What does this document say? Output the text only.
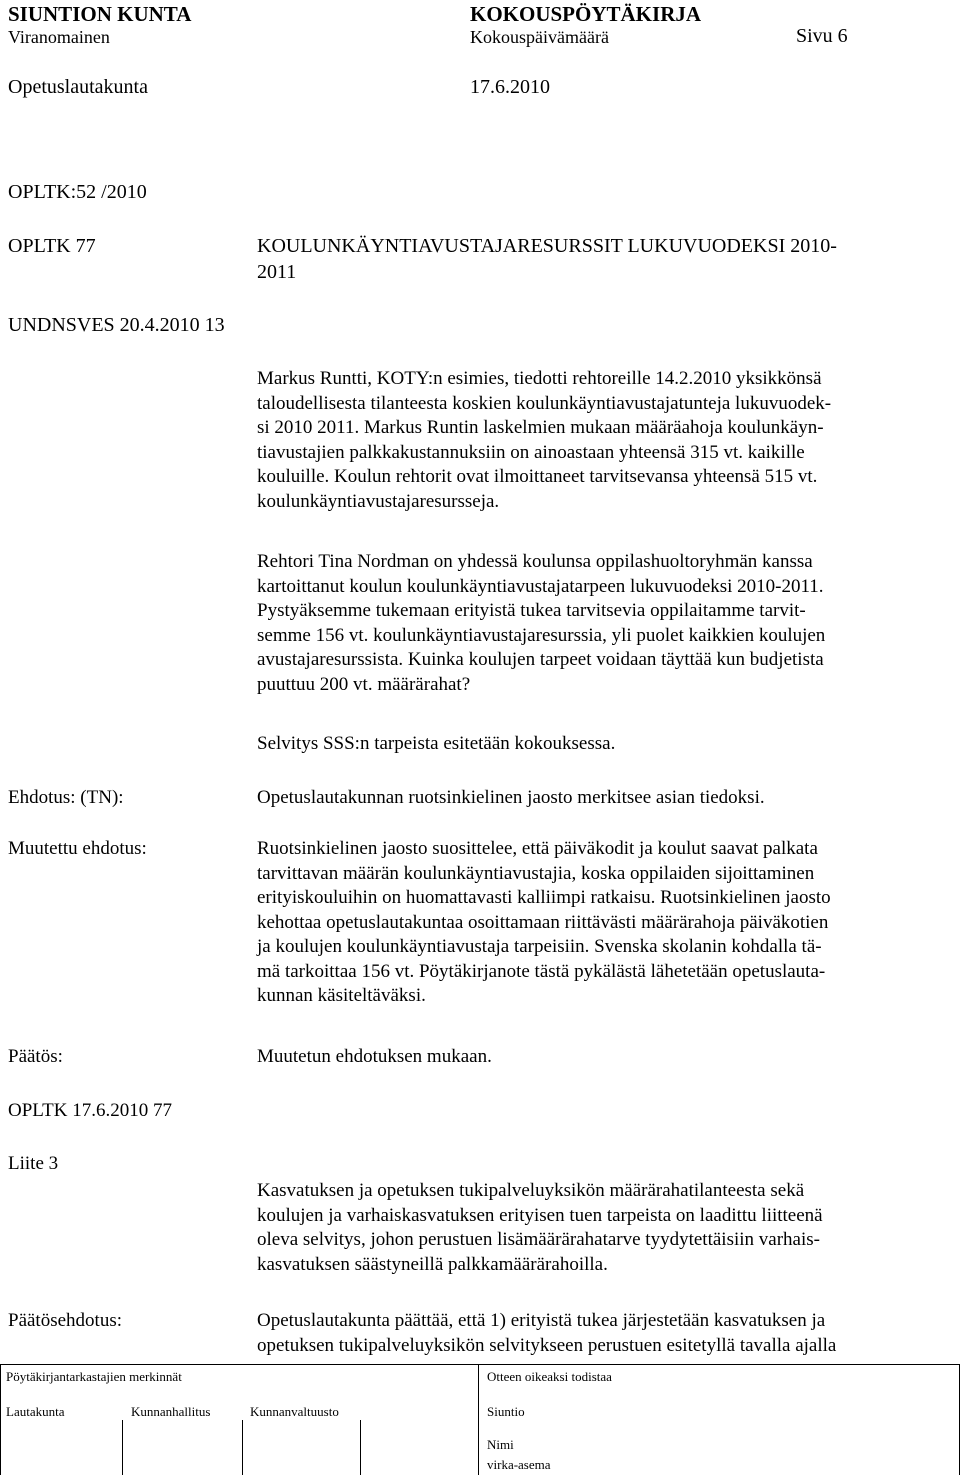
SIUNTION KUNTA	KOKOUSPÖYTÄKIRJA
Viranomainen	Kokouspäivämäärä	Sivu 6
Opetuslautakunta	17.6.2010
OPLTK:52 /2010
OPLTK 77	KOULUNKÄYNTIAVUSTAJARESURSSIT LUKUVUODEKSI 2010-
2011
UNDNSVES 20.4.2010 13
Markus Runtti, KOTY:n esimies, tiedotti rehtoreille 14.2.2010 yksikkönsä
taloudellisesta tilanteesta koskien koulunkäyntiavustajatunteja lukuvuodek-
si 2010 2011. Markus Runtin laskelmien mukaan määräahoja koulunkäyn-
tiavustajien palkkakustannuksiin on ainoastaan yhteensä 315 vt. kaikille
kouluille. Koulun rehtorit ovat ilmoittaneet tarvitsevansa yhteensä 515 vt.
koulunkäyntiavustajaresursseja.
Rehtori Tina Nordman on yhdessä koulunsa oppilashuoltoryhmän kanssa
kartoittanut koulun koulunkäyntiavustajatarpeen lukuvuodeksi 2010-2011.
Pystyäksemme tukemaan erityistä tukea tarvitsevia oppilaitamme tarvit-
semme 156 vt. koulunkäyntiavustajaresurssia, yli puolet kaikkien koulujen
avustajaresurssista. Kuinka koulujen tarpeet voidaan täyttää kun budjetista
puuttuu 200 vt. määrärahat?
Selvitys SSS:n tarpeista esitetään kokouksessa.
Ehdotus: (TN):	Opetuslautakunnan ruotsinkielinen jaosto merkitsee asian tiedoksi.
Muutettu ehdotus:	Ruotsinkielinen jaosto suosittelee, että päiväkodit ja koulut saavat palkata
tarvittavan määrän koulunkäyntiavustajia, koska oppilaiden sijoittaminen
erityiskouluihin on huomattavasti kalliimpi ratkaisu. Ruotsinkielinen jaosto
kehottaa opetuslautakuntaa osoittamaan riittävästi määrärahoja päiväkotien
ja koulujen koulunkäyntiavustaja tarpeisiin. Svenska skolanin kohdalla tä-
mä tarkoittaa 156 vt. Pöytäkirjanote tästä pykälästä lähetetään opetuslauta-
kunnan käsiteltäväksi.
Päätös:	Muutetun ehdotuksen mukaan.
OPLTK 17.6.2010 77
Liite 3
Kasvatuksen ja opetuksen tukipalveluyksikön määrärahatilanteesta sekä
koulujen ja varhaiskasvatuksen erityisen tuen tarpeista on laadittu liitteenä
oleva selvitys, johon perustuen lisämäärärahatarve tyydytettäisiin varhais-
kasvatuksen säästyneillä palkkamäärärahoilla.
Päätösehdotus:	Opetuslautakunta päättää, että 1) erityistä tukea järjestetään kasvatuksen ja
opetuksen tukipalveluyksikön selvitykseen perustuen esitetyllä tavalla ajalla
Pöytäkirjantarkastajien merkinnät	Otteen oikeaksi todistaa
Lautakunta	Kunnanhallitus	Kunnanvaltuusto	Siuntio
Nimi
virka-asema
